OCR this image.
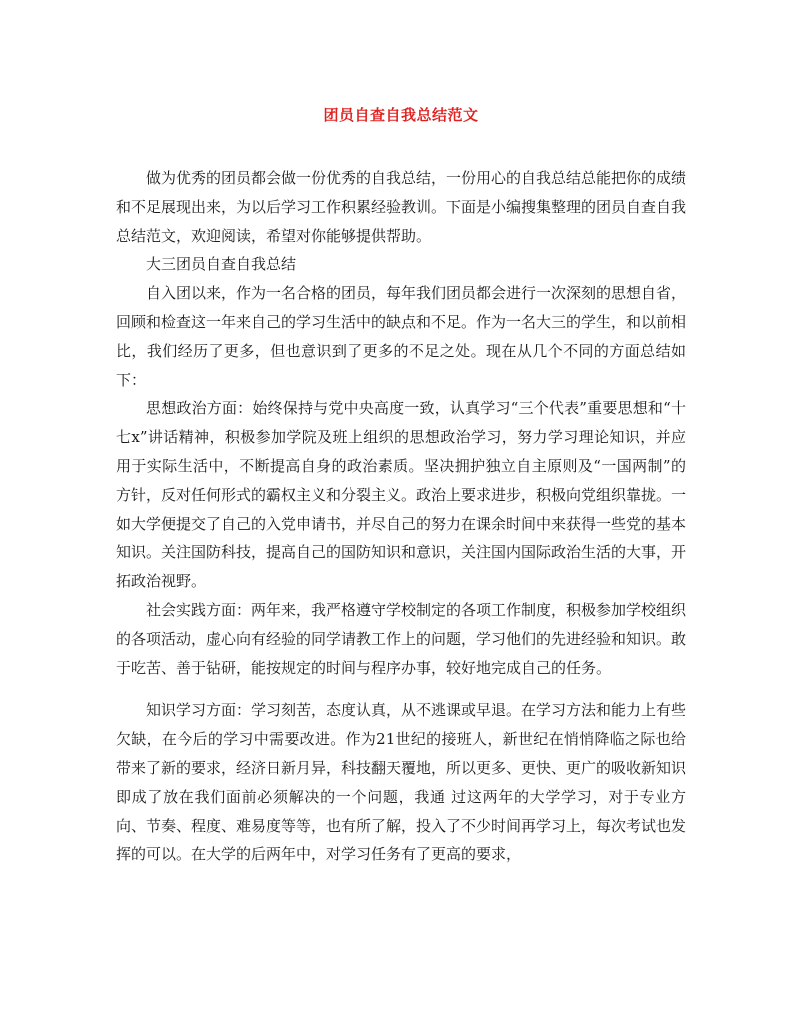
团员自查自我总结范文

做为优秀的团员都会做一份优秀的自我总结，一份用心的自我总结总能把你的成绩和不足展现出来，为以后学习工作积累经验教训。下面是小编搜集整理的团员自查自我总结范文，欢迎阅读，希望对你能够提供帮助。

大三团员自查自我总结

自入团以来，作为一名合格的团员，每年我们团员都会进行一次深刻的思想自省，回顾和检查这一年来自己的学习生活中的缺点和不足。作为一名大三的学生，和以前相比，我们经历了更多，但也意识到了更多的不足之处。现在从几个不同的方面总结如下：

思想政治方面：始终保持与党中央高度一致，认真学习“三个代表”重要思想和“十七x”讲话精神，积极参加学院及班上组织的思想政治学习，努力学习理论知识，并应用于实际生活中，不断提高自身的政治素质。坚决拥护独立自主原则及“一国两制”的方针，反对任何形式的霸权主义和分裂主义。政治上要求进步，积极向党组织靠拢。一如大学便提交了自己的入党申请书，并尽自己的努力在课余时间中来获得一些党的基本知识。关注国防科技，提高自己的国防知识和意识，关注国内国际政治生活的大事，开拓政治视野。

社会实践方面：两年来，我严格遵守学校制定的各项工作制度，积极参加学校组织的各项活动，虚心向有经验的同学请教工作上的问题，学习他们的先进经验和知识。敢于吃苦、善于钻研，能按规定的时间与程序办事，较好地完成自己的任务。

知识学习方面：学习刻苦，态度认真，从不逃课或早退。在学习方法和能力上有些欠缺，在今后的学习中需要改进。作为21世纪的接班人，新世纪在悄悄降临之际也给带来了新的要求，经济日新月异，科技翻天覆地，所以更多、更快、更广的吸收新知识即成了放在我们面前必须解决的一个问题，我通 过这两年的大学学习，对于专业方向、节奏、程度、难易度等等，也有所了解，投入了不少时间再学习上，每次考试也发挥的可以。在大学的后两年中，对学习任务有了更高的要求，
